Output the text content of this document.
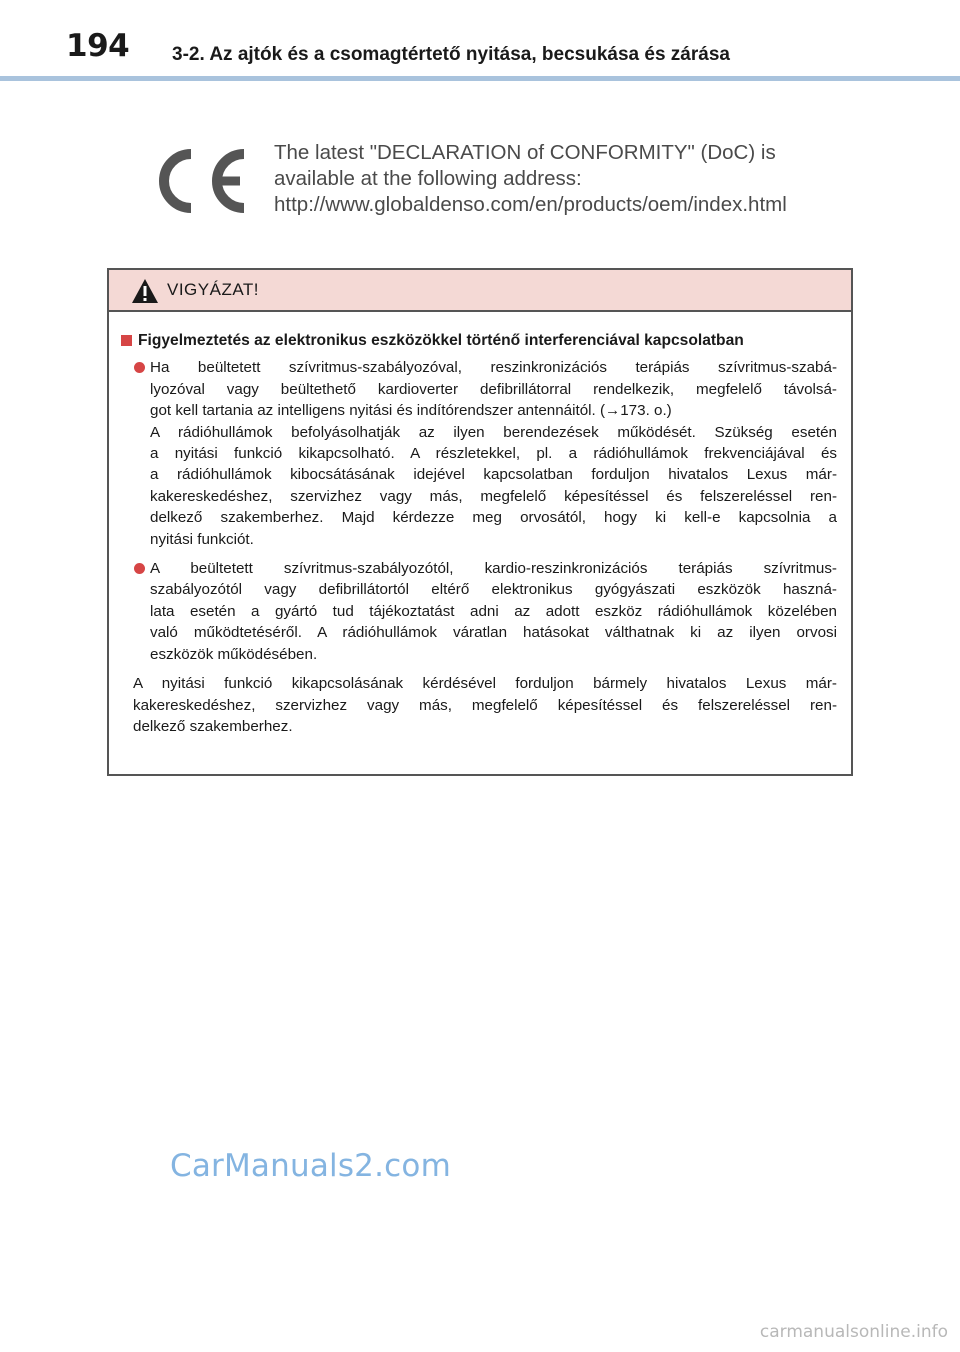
194 3-2. Az ajtók és a csomagtértető nyitása, becsukása és zárása
The latest "DECLARATION of CONFORMITY" (DoC) is
available at the following address:
http://www.globaldenso.com/en/products/oem/index.html
VIGYÁZAT!
Figyelmeztetés az elektronikus eszközökkel történő interferenciával kapcsolatban
Ha beültetett szívritmus-szabályozóval, reszinkronizációs terápiás szívritmus-szabá-
lyozóval vagy beültethető kardioverter defibrillátorral rendelkezik, megfelelő távolsá-
got kell tartania az intelligens nyitási és indítórendszer antennáitól. (→173. o.)
A rádióhullámok befolyásolhatják az ilyen berendezések működését. Szükség esetén
a nyitási funkció kikapcsolható. A részletekkel, pl. a rádióhullámok frekvenciájával és
a rádióhullámok kibocsátásának idejével kapcsolatban forduljon hivatalos Lexus már-
kakereskedéshez, szervizhez vagy más, megfelelő képesítéssel és felszereléssel ren-
delkező szakemberhez. Majd kérdezze meg orvosától, hogy ki kell-e kapcsolnia a
nyitási funkciót.
A beültetett szívritmus-szabályozótól, kardio-reszinkronizációs terápiás szívritmus-
szabályozótól vagy defibrillátortól eltérő elektronikus gyógyászati eszközök haszná-
lata esetén a gyártó tud tájékoztatást adni az adott eszköz rádióhullámok közelében
való működtetéséről. A rádióhullámok váratlan hatásokat válthatnak ki az ilyen orvosi
eszközök működésében.
A nyitási funkció kikapcsolásának kérdésével forduljon bármely hivatalos Lexus már-
kakereskedéshez, szervizhez vagy más, megfelelő képesítéssel és felszereléssel ren-
delkező szakemberhez.
CarManuals2.com
carmanualsonline.info
